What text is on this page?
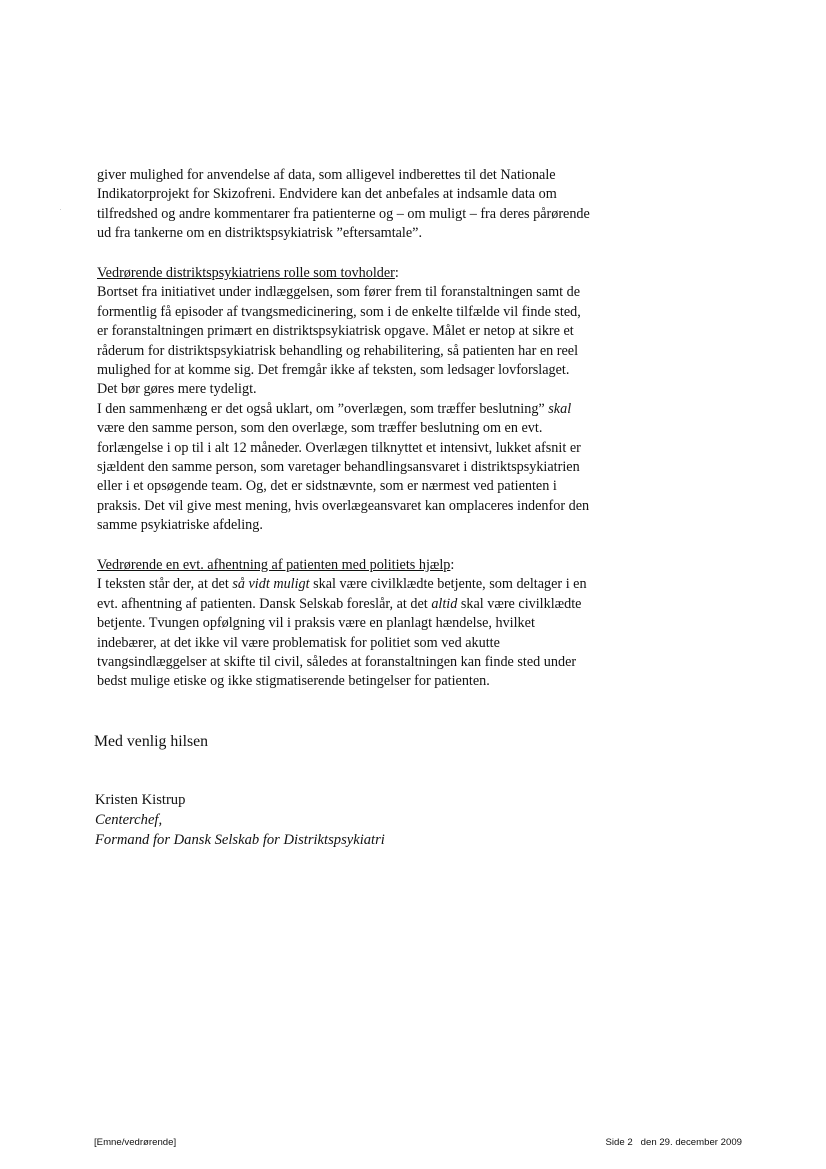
giver mulighed for anvendelse af data, som alligevel indberettes til det Nationale
Indikatorprojekt for Skizofreni. Endvidere kan det anbefales at indsamle data om
tilfredshed og andre kommentarer fra patienterne og – om muligt – fra deres pårørende
ud fra tankerne om en distriktspsykiatrisk ”eftersamtale”.
Vedrørende distriktspsykiatriens rolle som tovholder:
Bortset fra initiativet under indlæggelsen, som fører frem til foranstaltningen samt de
formentlig få episoder af tvangsmedicinering, som i de enkelte tilfælde vil finde sted,
er foranstaltningen primært en distriktspsykiatrisk opgave. Målet er netop at sikre et
råderum for distriktspsykiatrisk behandling og rehabilitering, så patienten har en reel
mulighed for at komme sig. Det fremgår ikke af teksten, som ledsager lovforslaget.
Det bør gøres mere tydeligt.
I den sammenhæng er det også uklart, om ”overlægen, som træffer beslutning” skal
være den samme person, som den overlæge, som træffer beslutning om en evt.
forlængelse i op til i alt 12 måneder. Overlægen tilknyttet et intensivt, lukket afsnit er
sjældent den samme person, som varetager behandlingsansvaret i distriktspsykiatrien
eller i et opsøgende team. Og, det er sidstnævnte, som er nærmest ved patienten i
praksis. Det vil give mest mening, hvis overlægeansvaret kan omplaceres indenfor den
samme psykiatriske afdeling.
Vedrørende en evt. afhentning af patienten med politiets hjælp:
I teksten står der, at det så vidt muligt skal være civilklædte betjente, som deltager i en
evt. afhentning af patienten. Dansk Selskab foreslår, at det altid skal være civilklædte
betjente. Tvungen opfølgning vil i praksis være en planlagt hændelse, hvilket
indebærer, at det ikke vil være problematisk for politiet som ved akutte
tvangsindlæggelser at skifte til civil, således at foranstaltningen kan finde sted under
bedst mulige etiske og ikke stigmatiserende betingelser for patienten.
Med venlig hilsen
Kristen Kistrup
Centerchef,
Formand for Dansk Selskab for Distriktspsykiatri
[Emne/vedrørende]	Side 2   den 29. december 2009
